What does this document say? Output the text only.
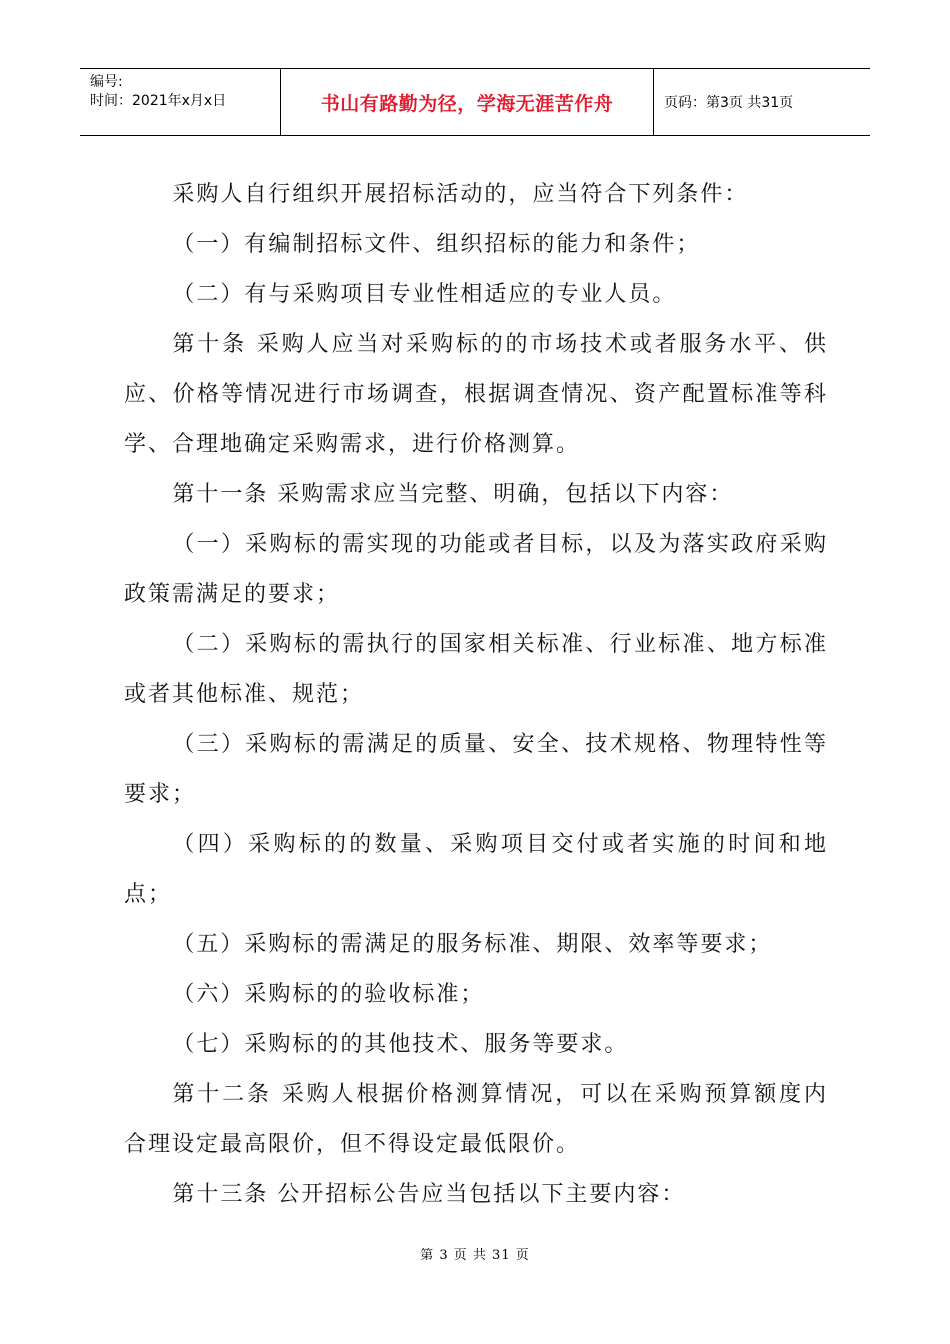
编号:
时间：2021年x月x日	书山有路勤为径，学海无涯苦作舟	页码：第3页 共31页

采购人自行组织开展招标活动的，应当符合下列条件：

（一）有编制招标文件、组织招标的能力和条件；

（二）有与采购项目专业性相适应的专业人员。

第十条 采购人应当对采购标的的市场技术或者服务水平、供应、价格等情况进行市场调查，根据调查情况、资产配置标准等科学、合理地确定采购需求，进行价格测算。

第十一条 采购需求应当完整、明确，包括以下内容：

（一）采购标的需实现的功能或者目标，以及为落实政府采购政策需满足的要求；

（二）采购标的需执行的国家相关标准、行业标准、地方标准或者其他标准、规范；

（三）采购标的需满足的质量、安全、技术规格、物理特性等要求；

（四）采购标的的数量、采购项目交付或者实施的时间和地点；

（五）采购标的需满足的服务标准、期限、效率等要求；

（六）采购标的的验收标准；

（七）采购标的的其他技术、服务等要求。

第十二条 采购人根据价格测算情况，可以在采购预算额度内合理设定最高限价，但不得设定最低限价。

第十三条 公开招标公告应当包括以下主要内容：

第 3 页 共 31 页
